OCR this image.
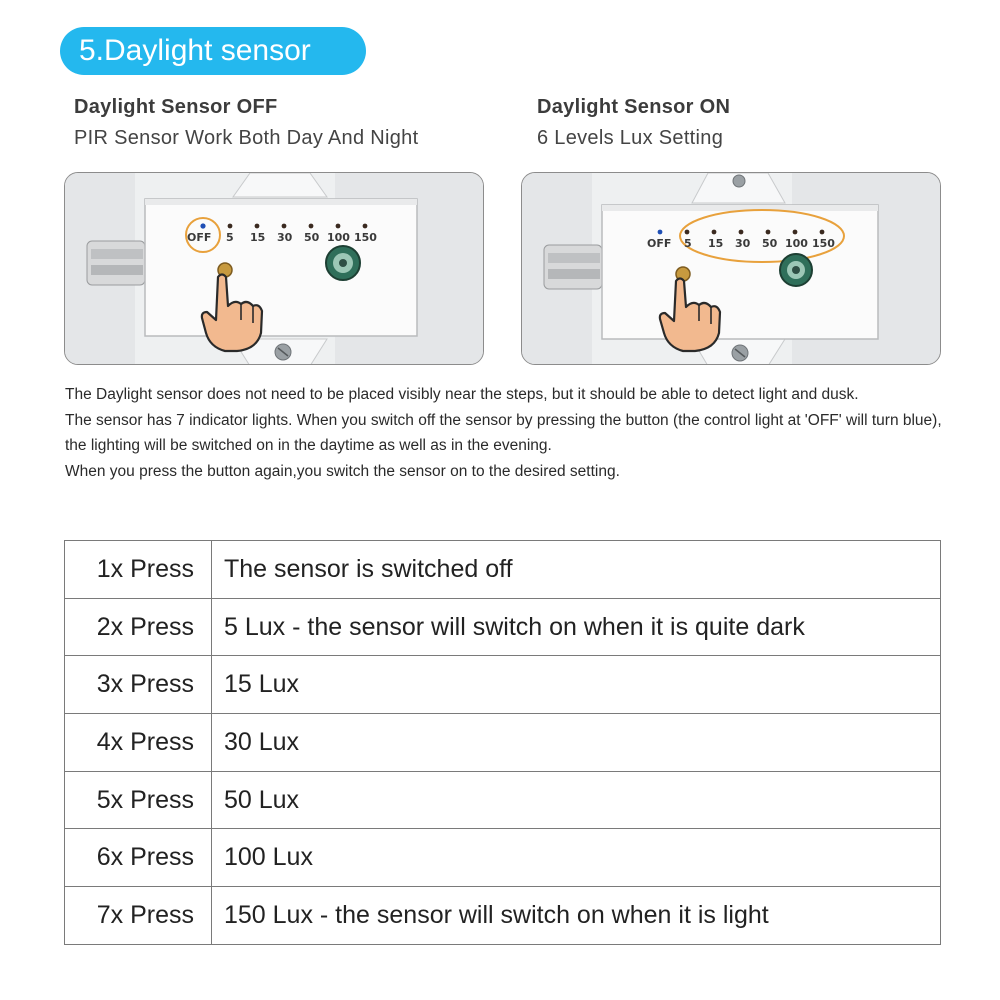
5.Daylight sensor
Daylight Sensor OFF
PIR Sensor Work Both Day And Night
Daylight Sensor ON
6 Levels Lux Setting
OFF 5 15 30 50 100 150	OFF 5 15 30 50 100 150

The Daylight sensor does not need to be placed visibly near the steps, but it should be able to detect light and dusk.

The sensor has 7 indicator lights. When you switch off the sensor by pressing the button (the control light at 'OFF' will turn blue), the lighting will be switched on in the daytime as well as in the evening.

When you press the button again,you switch the sensor on to the desired setting.

1x Press	The sensor is switched off
2x Press	5 Lux - the sensor will switch on when it is quite dark
3x Press	15 Lux
4x Press	30 Lux
5x Press	50 Lux
6x Press	100 Lux
7x Press	150 Lux - the sensor will switch on when it is light
